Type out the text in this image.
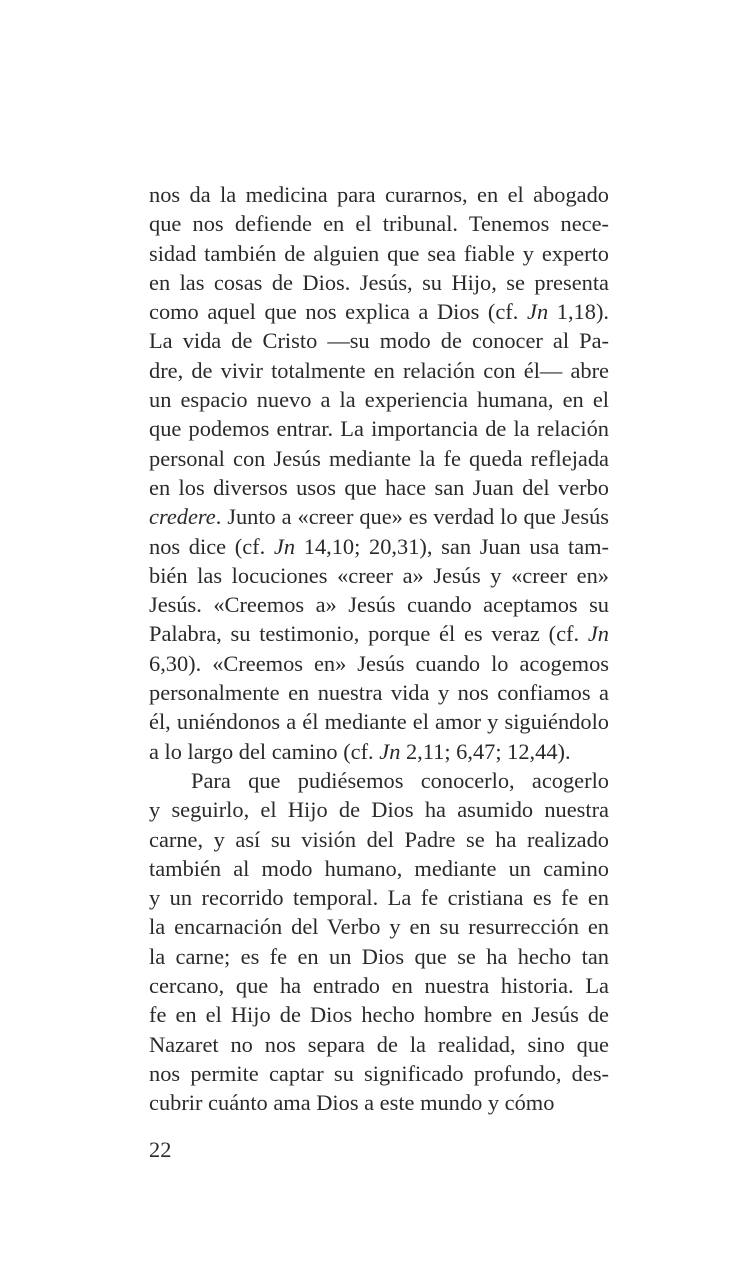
nos da la medicina para curarnos, en el abogado
que nos defiende en el tribunal. Tenemos nece-
sidad también de alguien que sea fiable y experto
en las cosas de Dios. Jesús, su Hijo, se presenta
como aquel que nos explica a Dios (cf. Jn 1,18).
La vida de Cristo —su modo de conocer al Pa-
dre, de vivir totalmente en relación con él— abre
un espacio nuevo a la experiencia humana, en el
que podemos entrar. La importancia de la relación
personal con Jesús mediante la fe queda reflejada
en los diversos usos que hace san Juan del verbo
credere. Junto a «creer que» es verdad lo que Jesús
nos dice (cf. Jn 14,10; 20,31), san Juan usa tam-
bién las locuciones «creer a» Jesús y «creer en»
Jesús. «Creemos a» Jesús cuando aceptamos su
Palabra, su testimonio, porque él es veraz (cf. Jn
6,30). «Creemos en» Jesús cuando lo acogemos
personalmente en nuestra vida y nos confiamos a
él, uniéndonos a él mediante el amor y siguiéndolo
a lo largo del camino (cf. Jn 2,11; 6,47; 12,44).
Para que pudiésemos conocerlo, acogerlo
y seguirlo, el Hijo de Dios ha asumido nuestra
carne, y así su visión del Padre se ha realizado
también al modo humano, mediante un camino
y un recorrido temporal. La fe cristiana es fe en
la encarnación del Verbo y en su resurrección en
la carne; es fe en un Dios que se ha hecho tan
cercano, que ha entrado en nuestra historia. La
fe en el Hijo de Dios hecho hombre en Jesús de
Nazaret no nos separa de la realidad, sino que
nos permite captar su significado profundo, des-
cubrir cuánto ama Dios a este mundo y cómo
22
